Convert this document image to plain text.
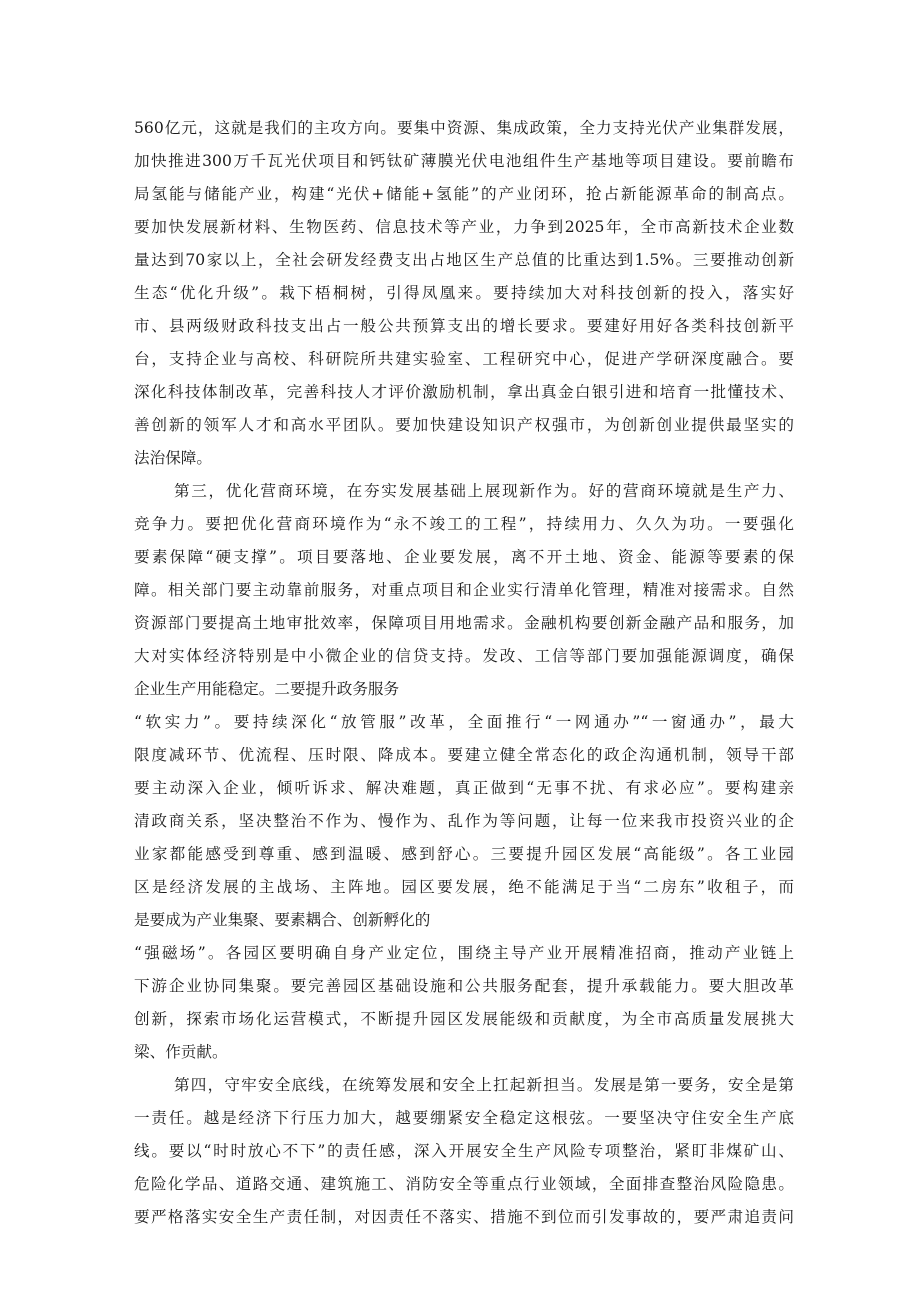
560亿元，这就是我们的主攻方向。要集中资源、集成政策，全力支持光伏产业集群发展，
加快推进300万千瓦光伏项目和钙钛矿薄膜光伏电池组件生产基地等项目建设。要前瞻布
局氢能与储能产业，构建“光伏+储能+氢能”的产业闭环，抢占新能源革命的制高点。
要加快发展新材料、生物医药、信息技术等产业，力争到2025年，全市高新技术企业数
量达到70家以上，全社会研发经费支出占地区生产总值的比重达到1.5%。三要推动创新
生态“优化升级”。栽下梧桐树，引得凤凰来。要持续加大对科技创新的投入，落实好
市、县两级财政科技支出占一般公共预算支出的增长要求。要建好用好各类科技创新平
台，支持企业与高校、科研院所共建实验室、工程研究中心，促进产学研深度融合。要
深化科技体制改革，完善科技人才评价激励机制，拿出真金白银引进和培育一批懂技术、
善创新的领军人才和高水平团队。要加快建设知识产权强市，为创新创业提供最坚实的
法治保障。
第三，优化营商环境，在夯实发展基础上展现新作为。好的营商环境就是生产力、
竞争力。要把优化营商环境作为“永不竣工的工程”，持续用力、久久为功。一要强化
要素保障“硬支撑”。项目要落地、企业要发展，离不开土地、资金、能源等要素的保
障。相关部门要主动靠前服务，对重点项目和企业实行清单化管理，精准对接需求。自然
资源部门要提高土地审批效率，保障项目用地需求。金融机构要创新金融产品和服务，加
大对实体经济特别是中小微企业的信贷支持。发改、工信等部门要加强能源调度，确保
企业生产用能稳定。二要提升政务服务
“软实力”。要持续深化“放管服”改革，全面推行“一网通办”“一窗通办”，最大
限度减环节、优流程、压时限、降成本。要建立健全常态化的政企沟通机制，领导干部
要主动深入企业，倾听诉求、解决难题，真正做到“无事不扰、有求必应”。要构建亲
清政商关系，坚决整治不作为、慢作为、乱作为等问题，让每一位来我市投资兴业的企
业家都能感受到尊重、感到温暖、感到舒心。三要提升园区发展“高能级”。各工业园
区是经济发展的主战场、主阵地。园区要发展，绝不能满足于当“二房东”收租子，而
是要成为产业集聚、要素耦合、创新孵化的
“强磁场”。各园区要明确自身产业定位，围绕主导产业开展精准招商，推动产业链上
下游企业协同集聚。要完善园区基础设施和公共服务配套，提升承载能力。要大胆改革
创新，探索市场化运营模式，不断提升园区发展能级和贡献度，为全市高质量发展挑大
梁、作贡献。
第四，守牢安全底线，在统筹发展和安全上扛起新担当。发展是第一要务，安全是第
一责任。越是经济下行压力加大，越要绷紧安全稳定这根弦。一要坚决守住安全生产底
线。要以“时时放心不下”的责任感，深入开展安全生产风险专项整治，紧盯非煤矿山、
危险化学品、道路交通、建筑施工、消防安全等重点行业领域，全面排查整治风险隐患。
要严格落实安全生产责任制，对因责任不落实、措施不到位而引发事故的，要严肃追责问
